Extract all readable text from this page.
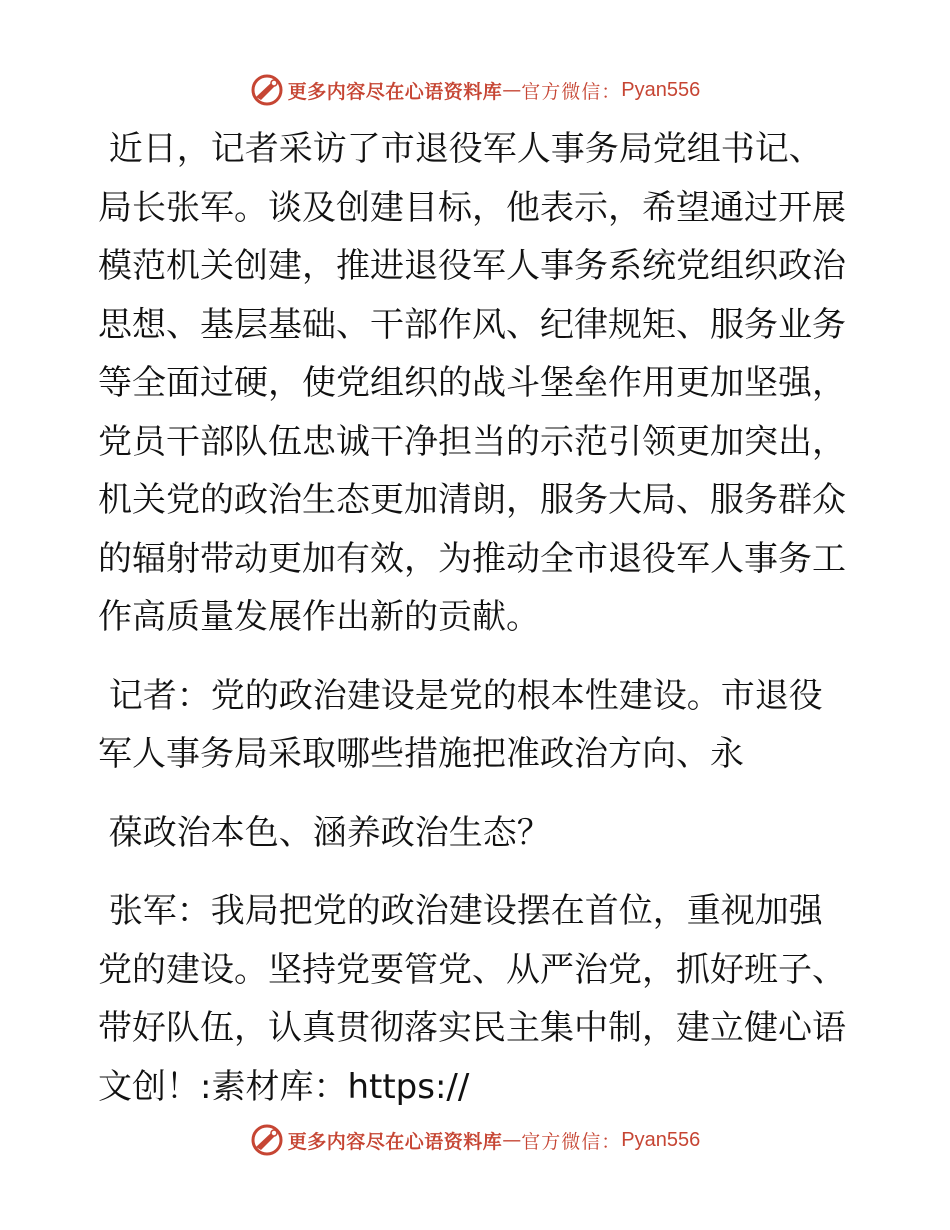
更多内容尽在心语资料库 — 官方微信： Pyan556

近日，记者采访了市退役军人事务局党组书记、
局长张军。谈及创建目标，他表示，希望通过开展
模范机关创建，推进退役军人事务系统党组织政治
思想、基层基础、干部作风、纪律规矩、服务业务
等全面过硬，使党组织的战斗堡垒作用更加坚强，
党员干部队伍忠诚干净担当的示范引领更加突出，
机关党的政治生态更加清朗，服务大局、服务群众
的辐射带动更加有效，为推动全市退役军人事务工
作高质量发展作出新的贡献。

记者：党的政治建设是党的根本性建设。市退役
军人事务局采取哪些措施把准政治方向、永

葆政治本色、涵养政治生态？

张军：我局把党的政治建设摆在首位，重视加强
党的建设。坚持党要管党、从严治党，抓好班子、
带好队伍，认真贯彻落实民主集中制，建立健心语
文创！:素材库：https://

更多内容尽在心语资料库 — 官方微信： Pyan556
